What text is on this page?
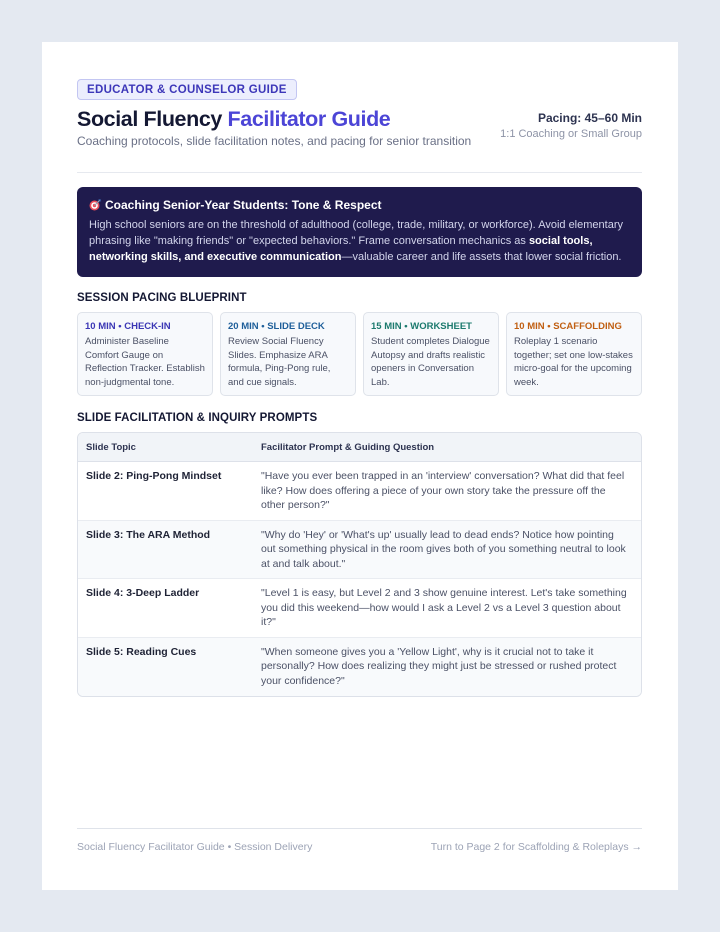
EDUCATOR & COUNSELOR GUIDE
Social Fluency Facilitator Guide
Coaching protocols, slide facilitation notes, and pacing for senior transition
Pacing: 45–60 Min
1:1 Coaching or Small Group
Coaching Senior-Year Students: Tone & Respect
High school seniors are on the threshold of adulthood (college, trade, military, or workforce). Avoid elementary phrasing like "making friends" or "expected behaviors." Frame conversation mechanics as social tools, networking skills, and executive communication—valuable career and life assets that lower social friction.
SESSION PACING BLUEPRINT
10 MIN • CHECK-IN
Administer Baseline Comfort Gauge on Reflection Tracker. Establish non-judgmental tone.
20 MIN • SLIDE DECK
Review Social Fluency Slides. Emphasize ARA formula, Ping-Pong rule, and cue signals.
15 MIN • WORKSHEET
Student completes Dialogue Autopsy and drafts realistic openers in Conversation Lab.
10 MIN • SCAFFOLDING
Roleplay 1 scenario together; set one low-stakes micro-goal for the upcoming week.
SLIDE FACILITATION & INQUIRY PROMPTS
Slide Topic	Facilitator Prompt & Guiding Question
Slide 2: Ping-Pong Mindset	"Have you ever been trapped in an 'interview' conversation? What did that feel like? How does offering a piece of your own story take the pressure off the other person?"
Slide 3: The ARA Method	"Why do 'Hey' or 'What's up' usually lead to dead ends? Notice how pointing out something physical in the room gives both of you something neutral to look at and talk about."
Slide 4: 3-Deep Ladder	"Level 1 is easy, but Level 2 and 3 show genuine interest. Let's take something you did this weekend—how would I ask a Level 2 vs a Level 3 question about it?"
Slide 5: Reading Cues	"When someone gives you a 'Yellow Light', why is it crucial not to take it personally? How does realizing they might just be stressed or rushed protect your confidence?"
Social Fluency Facilitator Guide • Session Delivery	Turn to Page 2 for Scaffolding & Roleplays →
